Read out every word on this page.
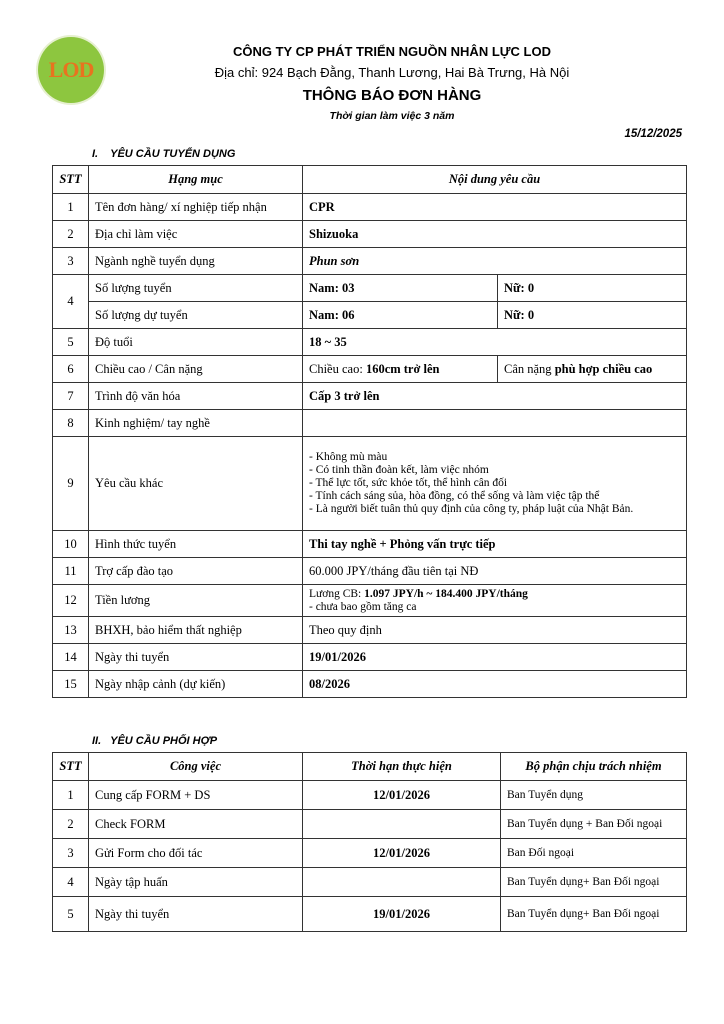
LOD
CÔNG TY CP PHÁT TRIỂN NGUỒN NHÂN LỰC LOD
Địa chỉ: 924 Bạch Đằng, Thanh Lương, Hai Bà Trưng, Hà Nội
THÔNG BÁO ĐƠN HÀNG
Thời gian làm việc 3 năm
15/12/2025
I.    YÊU CẦU TUYỂN DỤNG
STT	Hạng mục	Nội dung yêu cầu	
1	Tên đơn hàng/ xí nghiệp tiếp nhận	CPR	
2	Địa chỉ làm việc	Shizuoka	
3	Ngành nghề tuyển dụng	Phun sơn	
4	Số lượng tuyển	Nam: 03	Nữ: 0
	Số lượng dự tuyển	Nam: 06	Nữ: 0
5	Độ tuổi	18 ~ 35	
6	Chiều cao / Cân nặng	Chiều cao: 160cm trở lên	Cân nặng phù hợp chiều cao
7	Trình độ văn hóa	Cấp 3 trở lên	
8	Kinh nghiệm/ tay nghề		
9	Yêu cầu khác	- Không mù màu
- Có tinh thần đoàn kết, làm việc nhóm
- Thể lực tốt, sức khỏe tốt, thể hình cân đối
- Tính cách sáng sủa, hòa đồng, có thể sống và làm việc tập thể
- Là người biết tuân thủ quy định của công ty, pháp luật của Nhật Bản.	

10	Hình thức tuyển	Thi tay nghề + Phỏng vấn trực tiếp	
11	Trợ cấp đào tạo	60.000 JPY/tháng đầu tiên tại NĐ	
12	Tiền lương	Lương CB: 1.097 JPY/h ~ 184.400 JPY/tháng
- chưa bao gồm tăng ca	

13	BHXH, bảo hiểm thất nghiệp	Theo quy định	
14	Ngày thi tuyển	19/01/2026	
15	Ngày nhập cảnh (dự kiến)	08/2026	
II.   YÊU CẦU PHỐI HỢP
STT	Công việc	Thời hạn thực hiện	Bộ phận chịu trách nhiệm
1	Cung cấp FORM + DS	12/01/2026	Ban Tuyển dụng
2	Check FORM		Ban Tuyển dụng + Ban Đối ngoại
3	Gửi Form cho đối tác	12/01/2026	Ban Đối ngoại
4	Ngày tập huấn		Ban Tuyển dụng+ Ban Đối ngoại
5	Ngày thi tuyển	19/01/2026	Ban Tuyển dụng+ Ban Đối ngoại
